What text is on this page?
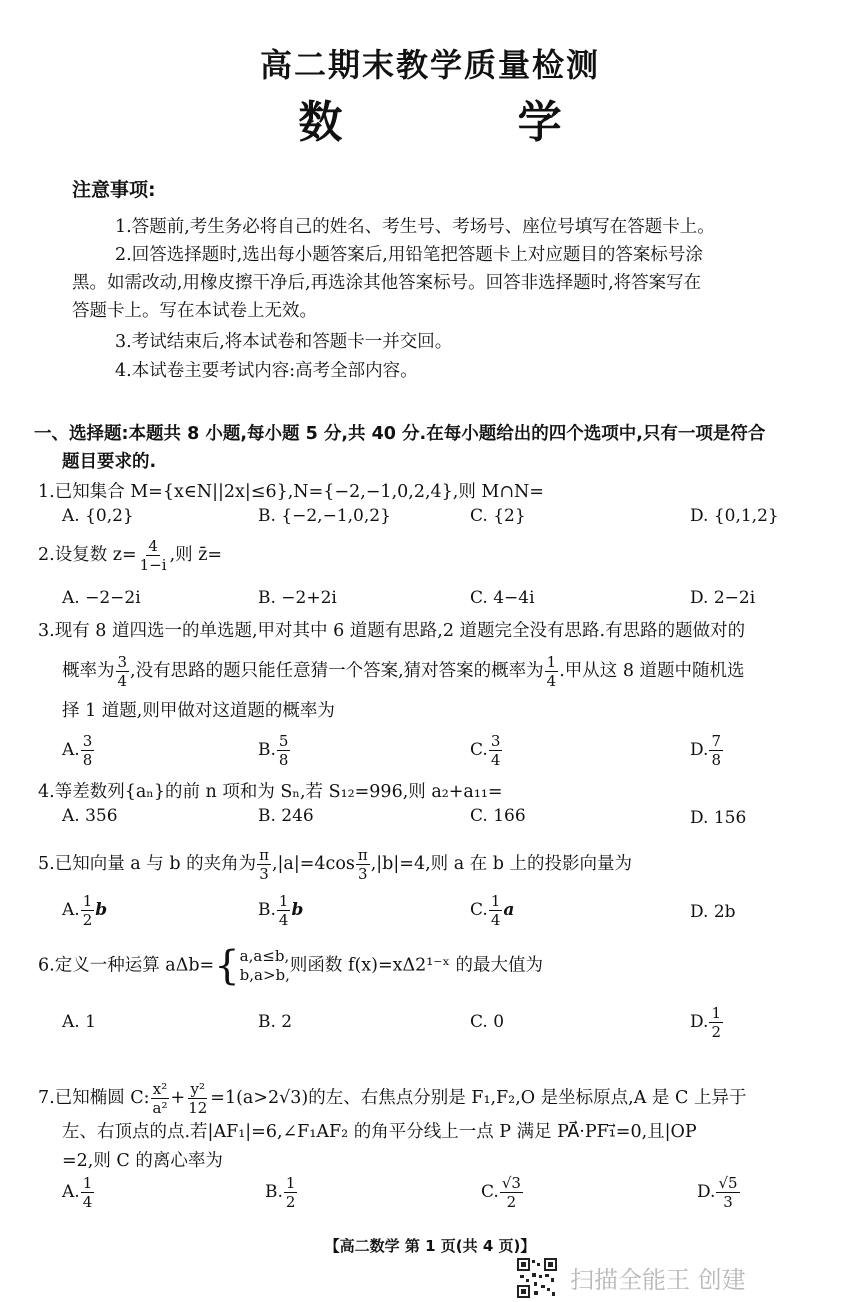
高二期末教学质量检测
数 学
注意事项:
1.答题前,考生务必将自己的姓名、考生号、考场号、座位号填写在答题卡上。
2.回答选择题时,选出每小题答案后,用铅笔把答题卡上对应题目的答案标号涂
黑。如需改动,用橡皮擦干净后,再选涂其他答案标号。回答非选择题时,将答案写在
答题卡上。写在本试卷上无效。
3.考试结束后,将本试卷和答题卡一并交回。
4.本试卷主要考试内容:高考全部内容。
一、选择题:本题共 8 小题,每小题 5 分,共 40 分.在每小题给出的四个选项中,只有一项是符合
题目要求的.
1.已知集合 M={x∈N||2x|≤6},N={−2,−1,0,2,4},则 M∩N=
A. {0,2}	B. {−2,−1,0,2}	C. {2}	D. {0,1,2}
2.设复数 $z= \frac{4}{1-i}$ ,则 z̄=
A. −2−2i	B. −2+2i	C. 4−4i	D. 2−2i
3.现有 8 道四选一的单选题,甲对其中 6 道题有思路,2 道题完全没有思路.有思路的题做对的
概率为 $\frac{3}{4}$ ,没有思路的题只能任意猜一个答案,猜对答案的概率为 $\frac{1}{4}$ .甲从这 8 道题中随机选
择 1 道题,则甲做对这道题的概率为
A. $\frac{3}{8}$	B. $\frac{5}{8}$	C. $\frac{3}{4}$	D. $\frac{7}{8}$
4.等差数列{aₙ}的前 n 项和为 Sₙ,若 S₁₂=996,则 a₂+a₁₁=
A. 356	B. 246	C. 166	D. 156
5.已知向量 a 与 b 的夹角为 $\frac{\pi}{3} ,|a|=4\cos \frac{\pi}{3} ,|b|=4$,则 a 在 b 上的投影向量为
A. $\frac{1}{2}$ b	B. $\frac{1}{4}$ b	C. $\frac{1}{4}$ a	D. 2b
6.定义一种运算 aΔb= { a,a≤b,
b,a>b, 则函数 f(x)=xΔ2¹⁻ˣ 的最大值为
A. 1	B. 2	C. 0	D. $\frac{1}{2}$
7.已知椭圆 C: $\frac{\text{x²}}{\text{a²}} + \frac{\text{y²}}{12} =1(a>2√3)$的左、右焦点分别是 F₁,F₂,O 是坐标原点,A 是 C 上异于
左、右顶点的点.若|AF₁|=6,∠F₁AF₂ 的角平分线上一点 P 满足 PA⃗·PF₁⃗=0,且|OP
=2,则 C 的离心率为
A. $\frac{1}{4}$	B. $\frac{1}{2}$	C. $\frac{√3}{2}$	D. $\frac{√5}{3}$
【高二数学 第 1 页(共 4 页)】
扫描全能王 创建
